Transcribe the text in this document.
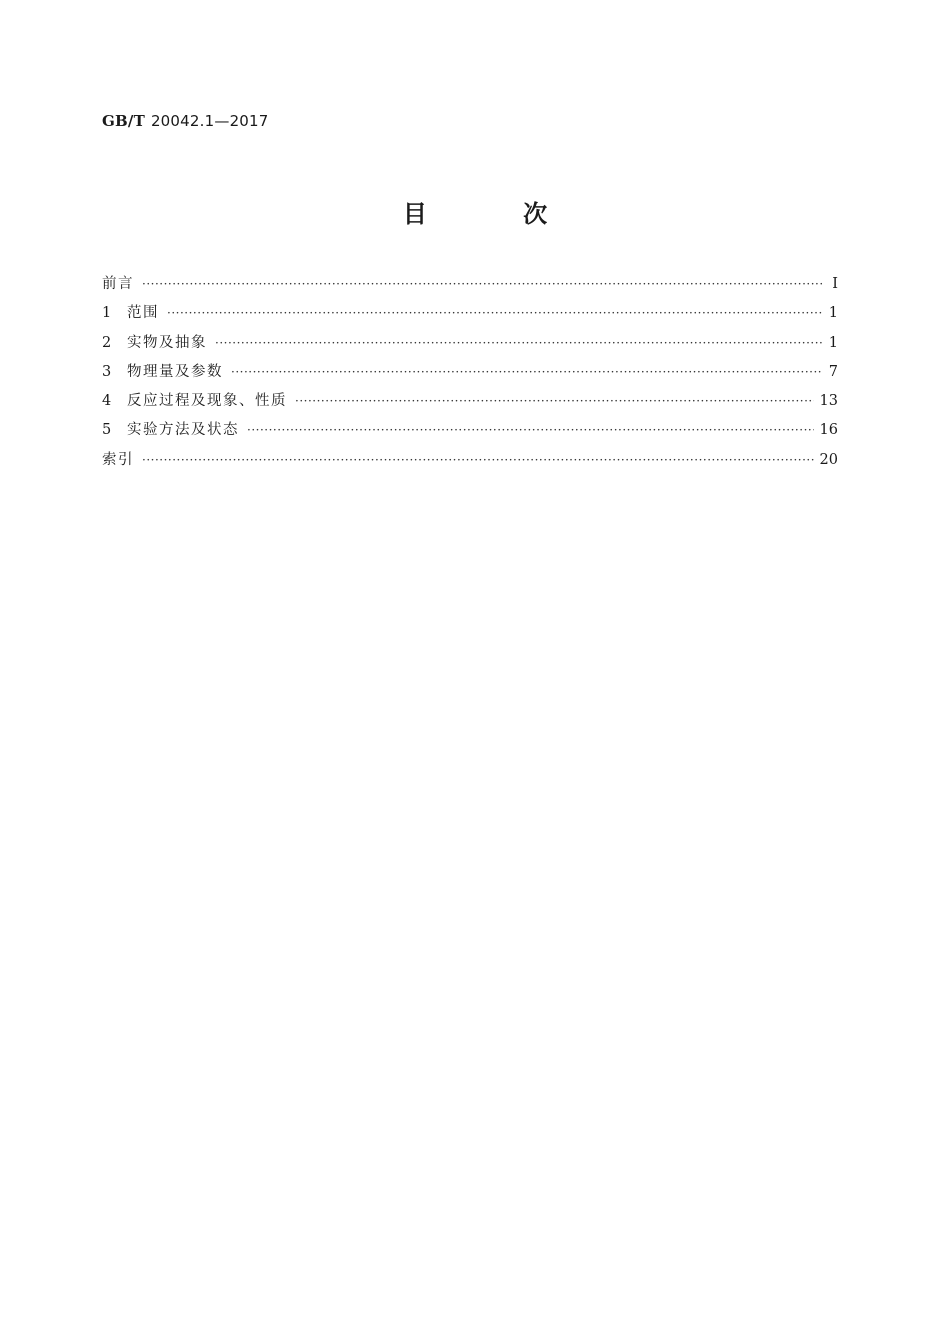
GB/T 20042.1—2017
目 次
前言 ·····	Ⅰ
1	范围 ·····	1
2	实物及抽象 ·····	1
3	物理量及参数 ·····	7
4	反应过程及现象、性质 ·····	13
5	实验方法及状态 ·····	16
索引 ·····	20
